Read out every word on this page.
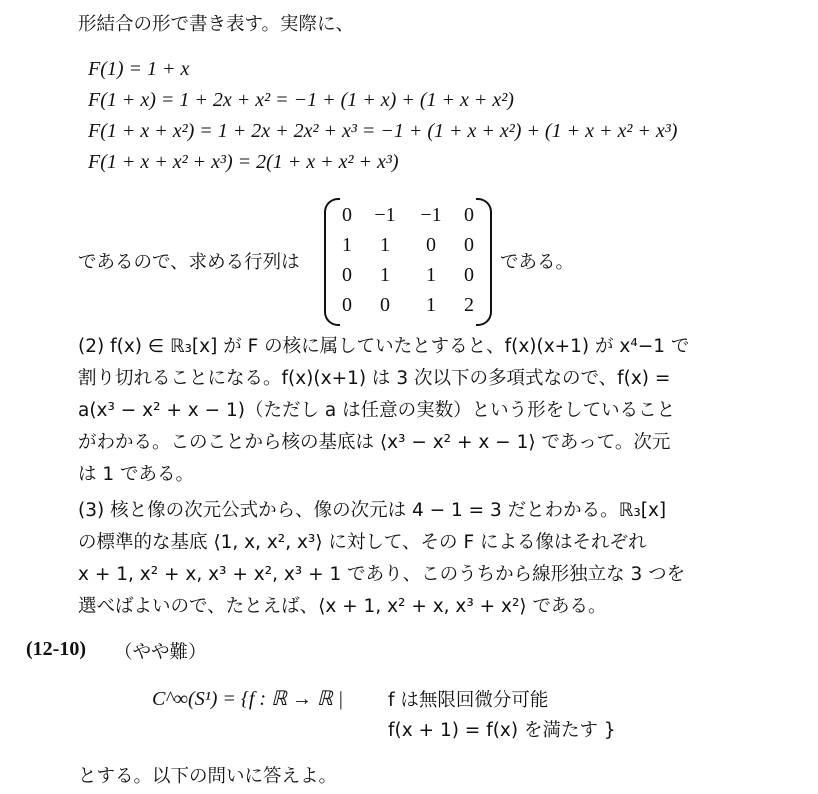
形結合の形で書き表す。実際に、
F(1) = 1 + x
F(1 + x) = 1 + 2x + x² = −1 + (1 + x) + (1 + x + x²)
F(1 + x + x²) = 1 + 2x + 2x² + x³ = −1 + (1 + x + x²) + (1 + x + x² + x³)
F(1 + x + x² + x³) = 2(1 + x + x² + x³)
であるので、求める行列は
0	−1 −1	0
1	1	0	0
0	1	1	0
0	0	1	2
である。
(2) f(x) ∈ ℝ₃[x] が F の核に属していたとすると、f(x)(x+1) が x⁴−1 で
割り切れることになる。f(x)(x+1) は 3 次以下の多項式なので、f(x) =
a(x³ − x² + x − 1)（ただし a は任意の実数）という形をしていること
がわかる。このことから核の基底は ⟨x³ − x² + x − 1⟩ であって。次元
は 1 である。
(3) 核と像の次元公式から、像の次元は 4 − 1 = 3 だとわかる。ℝ₃[x]
の標準的な基底 ⟨1, x, x², x³⟩ に対して、その F による像はそれぞれ
x + 1, x² + x, x³ + x², x³ + 1 であり、このうちから線形独立な 3 つを
選べばよいので、たとえば、⟨x + 1, x² + x, x³ + x²⟩ である。
(12-10) （やや難）
C^∞(S¹) = {f : ℝ → ℝ | f は無限回微分可能
f(x + 1) = f(x) を満たす }
とする。以下の問いに答えよ。
